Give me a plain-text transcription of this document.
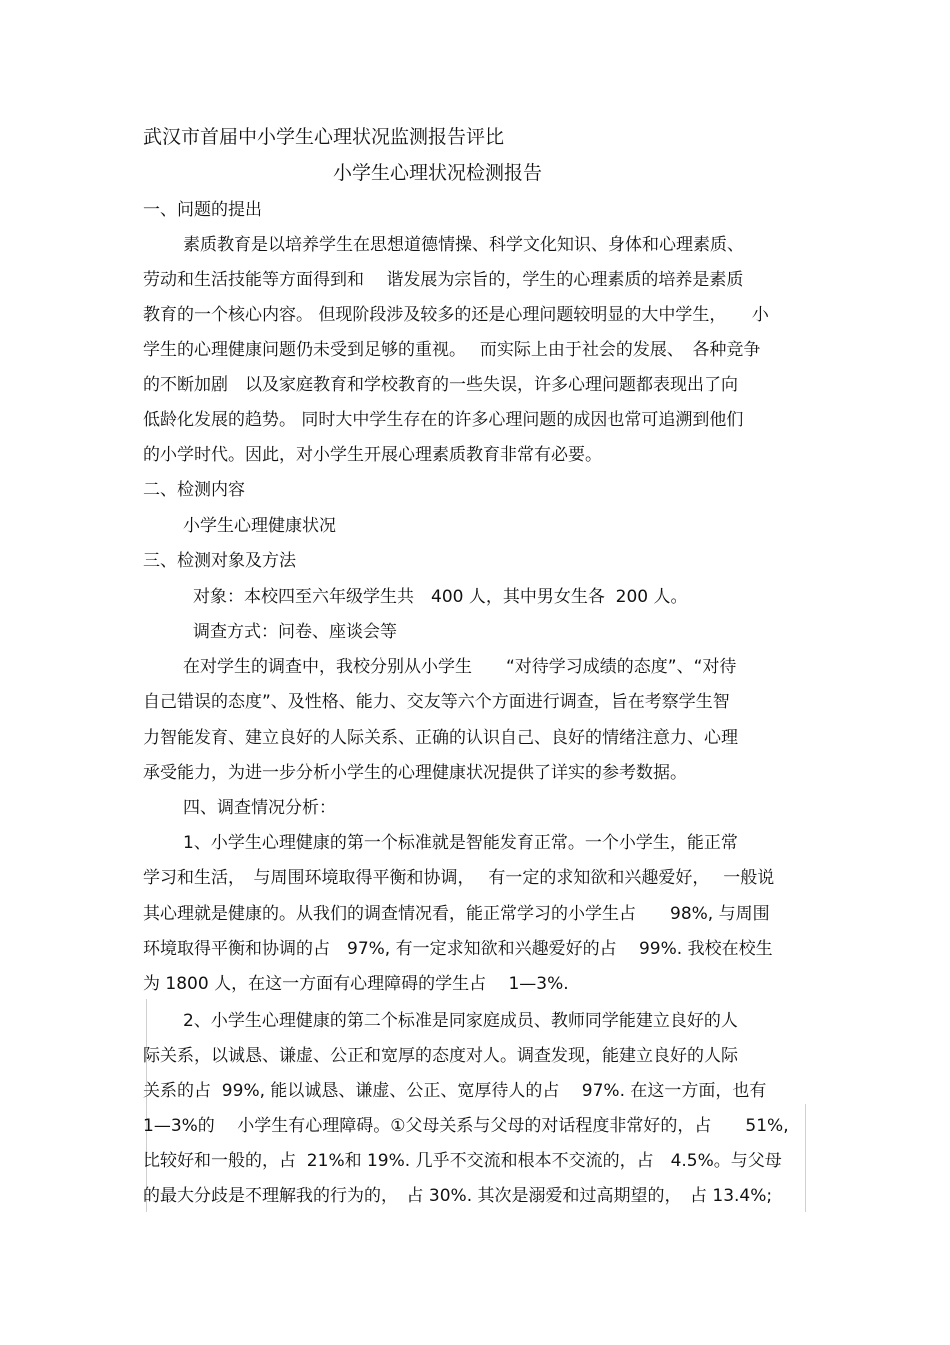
武汉市首届中小学生心理状况监测报告评比
小学生心理状况检测报告
一、问题的提出
素质教育是以培养学生在思想道德情操、科学文化知识、身体和心理素质、
劳动和生活技能等方面得到和　 谐发展为宗旨的，学生的心理素质的培养是素质
教育的一个核心内容。 但现阶段涉及较多的还是心理问题较明显的大中学生，　　小
学生的心理健康问题仍未受到足够的重视。　 而实际上由于社会的发展、　各种竞争
的不断加剧　以及家庭教育和学校教育的一些失误，许多心理问题都表现出了向
低龄化发展的趋势。 同时大中学生存在的许多心理问题的成因也常可追溯到他们
的小学时代。因此，对小学生开展心理素质教育非常有必要。
二、检测内容
小学生心理健康状况
三、检测对象及方法
对象：本校四至六年级学生共　400 人，其中男女生各  200 人。
调查方式：问卷、座谈会等
在对学生的调查中，我校分别从小学生　　“对待学习成绩的态度”、“对待
自己错误的态度”、及性格、能力、交友等六个方面进行调查，旨在考察学生智
力智能发育、建立良好的人际关系、正确的认识自己、良好的情绪注意力、心理
承受能力，为进一步分析小学生的心理健康状况提供了详实的参考数据。
四、调查情况分析：
1、小学生心理健康的第一个标准就是智能发育正常。一个小学生，能正常
学习和生活，　与周围环境取得平衡和协调，　 有一定的求知欲和兴趣爱好，　 一般说
其心理就是健康的。从我们的调查情况看，能正常学习的小学生占　　98%, 与周围
环境取得平衡和协调的占　97%, 有一定求知欲和兴趣爱好的占　 99%. 我校在校生
为 1800 人，在这一方面有心理障碍的学生占　 1—3%.
2、小学生心理健康的第二个标准是同家庭成员、教师同学能建立良好的人
际关系，以诚恳、谦虚、公正和宽厚的态度对人。调查发现，能建立良好的人际
关系的占  99%, 能以诚恳、谦虚、公正、宽厚待人的占　 97%. 在这一方面，也有
1—3%的　 小学生有心理障碍。①父母关系与父母的对话程度非常好的，占　　51%,
比较好和一般的，占  21%和 19%. 几乎不交流和根本不交流的，占　4.5%。与父母
的最大分歧是不理解我的行为的，　占 30%. 其次是溺爱和过高期望的，　占 13.4%;
